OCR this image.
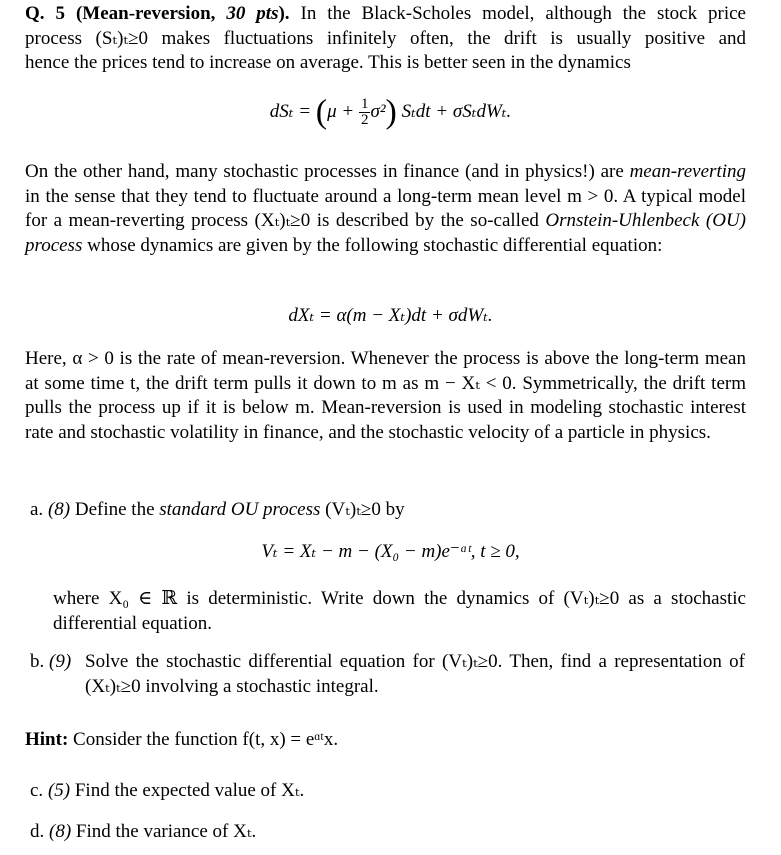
Q. 5 (Mean-reversion, 30 pts). In the Black-Scholes model, although the stock price

process (Sₜ)ₜ≥0 makes fluctuations infinitely often, the drift is usually positive and

hence the prices tend to increase on average. This is better seen in the dynamics

$dS_t = (\mu + \frac{1}{2} \sigma^2)$ Sₜdt + σSₜdWₜ.

On the other hand, many stochastic processes in finance (and in physics!) are mean-reverting in the sense that they tend to fluctuate around a long-term mean level m > 0. A typical model for a mean-reverting process (Xₜ)ₜ≥0 is described by the so-called Ornstein-Uhlenbeck (OU) process whose dynamics are given by the following stochastic differential equation:

dXₜ = α(m − Xₜ)dt + σdWₜ.

Here, α > 0 is the rate of mean-reversion. Whenever the process is above the long-term mean at some time t, the drift term pulls it down to m as m − Xₜ < 0. Symmetrically, the drift term pulls the process up if it is below m. Mean-reversion is used in modeling stochastic interest rate and stochastic volatility in finance, and the stochastic velocity of a particle in physics.

a. (8) Define the standard OU process (Vₜ)ₜ≥0 by
Vₜ = Xₜ − m − (X₀ − m)e⁻ᵅᵗ, t ≥ 0,

where X₀ ∈ ℝ is deterministic. Write down the dynamics of (Vₜ)ₜ≥0 as a stochastic differential equation.

b. (9) Solve the stochastic differential equation for (Vₜ)ₜ≥0. Then, find a representation of (Xₜ)ₜ≥0 involving a stochastic integral.

Hint: Consider the function f(t, x) = eᵅᵗx.
c. (5) Find the expected value of Xₜ.
d. (8) Find the variance of Xₜ.
